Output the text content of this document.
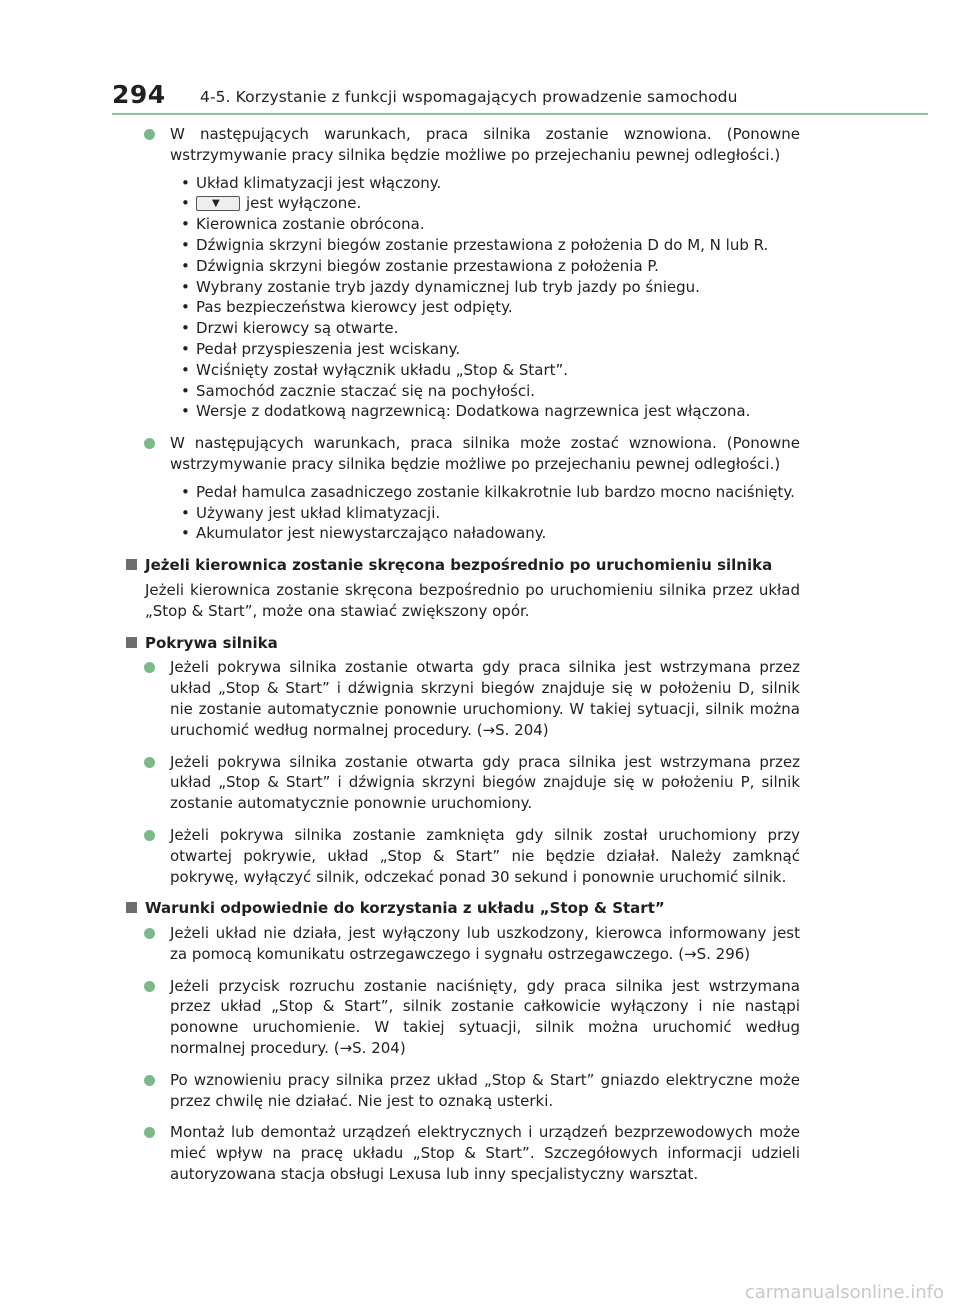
294 4-5. Korzystanie z funkcji wspomagających prowadzenie samochodu

W następujących warunkach, praca silnika zostanie wznowiona. (Ponowne wstrzymywanie pracy silnika będzie możliwe po przejechaniu pewnej odległości.)

• Układ klimatyzacji jest włączony.
• ▼ jest wyłączone.
• Kierownica zostanie obrócona.
• Dźwignia skrzyni biegów zostanie przestawiona z położenia D do M, N lub R.
• Dźwignia skrzyni biegów zostanie przestawiona z położenia P.
• Wybrany zostanie tryb jazdy dynamicznej lub tryb jazdy po śniegu.
• Pas bezpieczeństwa kierowcy jest odpięty.
• Drzwi kierowcy są otwarte.
• Pedał przyspieszenia jest wciskany.
• Wciśnięty został wyłącznik układu „Stop & Start”.
• Samochód zacznie staczać się na pochyłości.
• Wersje z dodatkową nagrzewnicą: Dodatkowa nagrzewnica jest włączona.

W następujących warunkach, praca silnika może zostać wznowiona. (Ponowne wstrzymywanie pracy silnika będzie możliwe po przejechaniu pewnej odległości.)

• Pedał hamulca zasadniczego zostanie kilkakrotnie lub bardzo mocno naciśnięty.
• Używany jest układ klimatyzacji.
• Akumulator jest niewystarczająco naładowany.
Jeżeli kierownica zostanie skręcona bezpośrednio po uruchomieniu silnika

Jeżeli kierownica zostanie skręcona bezpośrednio po uruchomieniu silnika przez układ „Stop & Start”, może ona stawiać zwiększony opór.

Pokrywa silnika

Jeżeli pokrywa silnika zostanie otwarta gdy praca silnika jest wstrzymana przez układ „Stop & Start” i dźwignia skrzyni biegów znajduje się w położeniu D, silnik nie zostanie automatycznie ponownie uruchomiony. W takiej sytuacji, silnik można uruchomić według normalnej procedury. (→S. 204)

Jeżeli pokrywa silnika zostanie otwarta gdy praca silnika jest wstrzymana przez układ „Stop & Start” i dźwignia skrzyni biegów znajduje się w położeniu P, silnik zostanie automatycznie ponownie uruchomiony.

Jeżeli pokrywa silnika zostanie zamknięta gdy silnik został uruchomiony przy otwartej pokrywie, układ „Stop & Start” nie będzie działał. Należy zamknąć pokrywę, wyłączyć silnik, odczekać ponad 30 sekund i ponownie uruchomić silnik.

Warunki odpowiednie do korzystania z układu „Stop & Start”

Jeżeli układ nie działa, jest wyłączony lub uszkodzony, kierowca informowany jest za pomocą komunikatu ostrzegawczego i sygnału ostrzegawczego. (→S. 296)

Jeżeli przycisk rozruchu zostanie naciśnięty, gdy praca silnika jest wstrzymana przez układ „Stop & Start”, silnik zostanie całkowicie wyłączony i nie nastąpi ponowne uruchomienie. W takiej sytuacji, silnik można uruchomić według normalnej procedury. (→S. 204)

Po wznowieniu pracy silnika przez układ „Stop & Start” gniazdo elektryczne może przez chwilę nie działać. Nie jest to oznaką usterki.

Montaż lub demontaż urządzeń elektrycznych i urządzeń bezprzewodowych może mieć wpływ na pracę układu „Stop & Start”. Szczegółowych informacji udzieli autoryzowana stacja obsługi Lexusa lub inny specjalistyczny warsztat.

carmanualsonline.info
